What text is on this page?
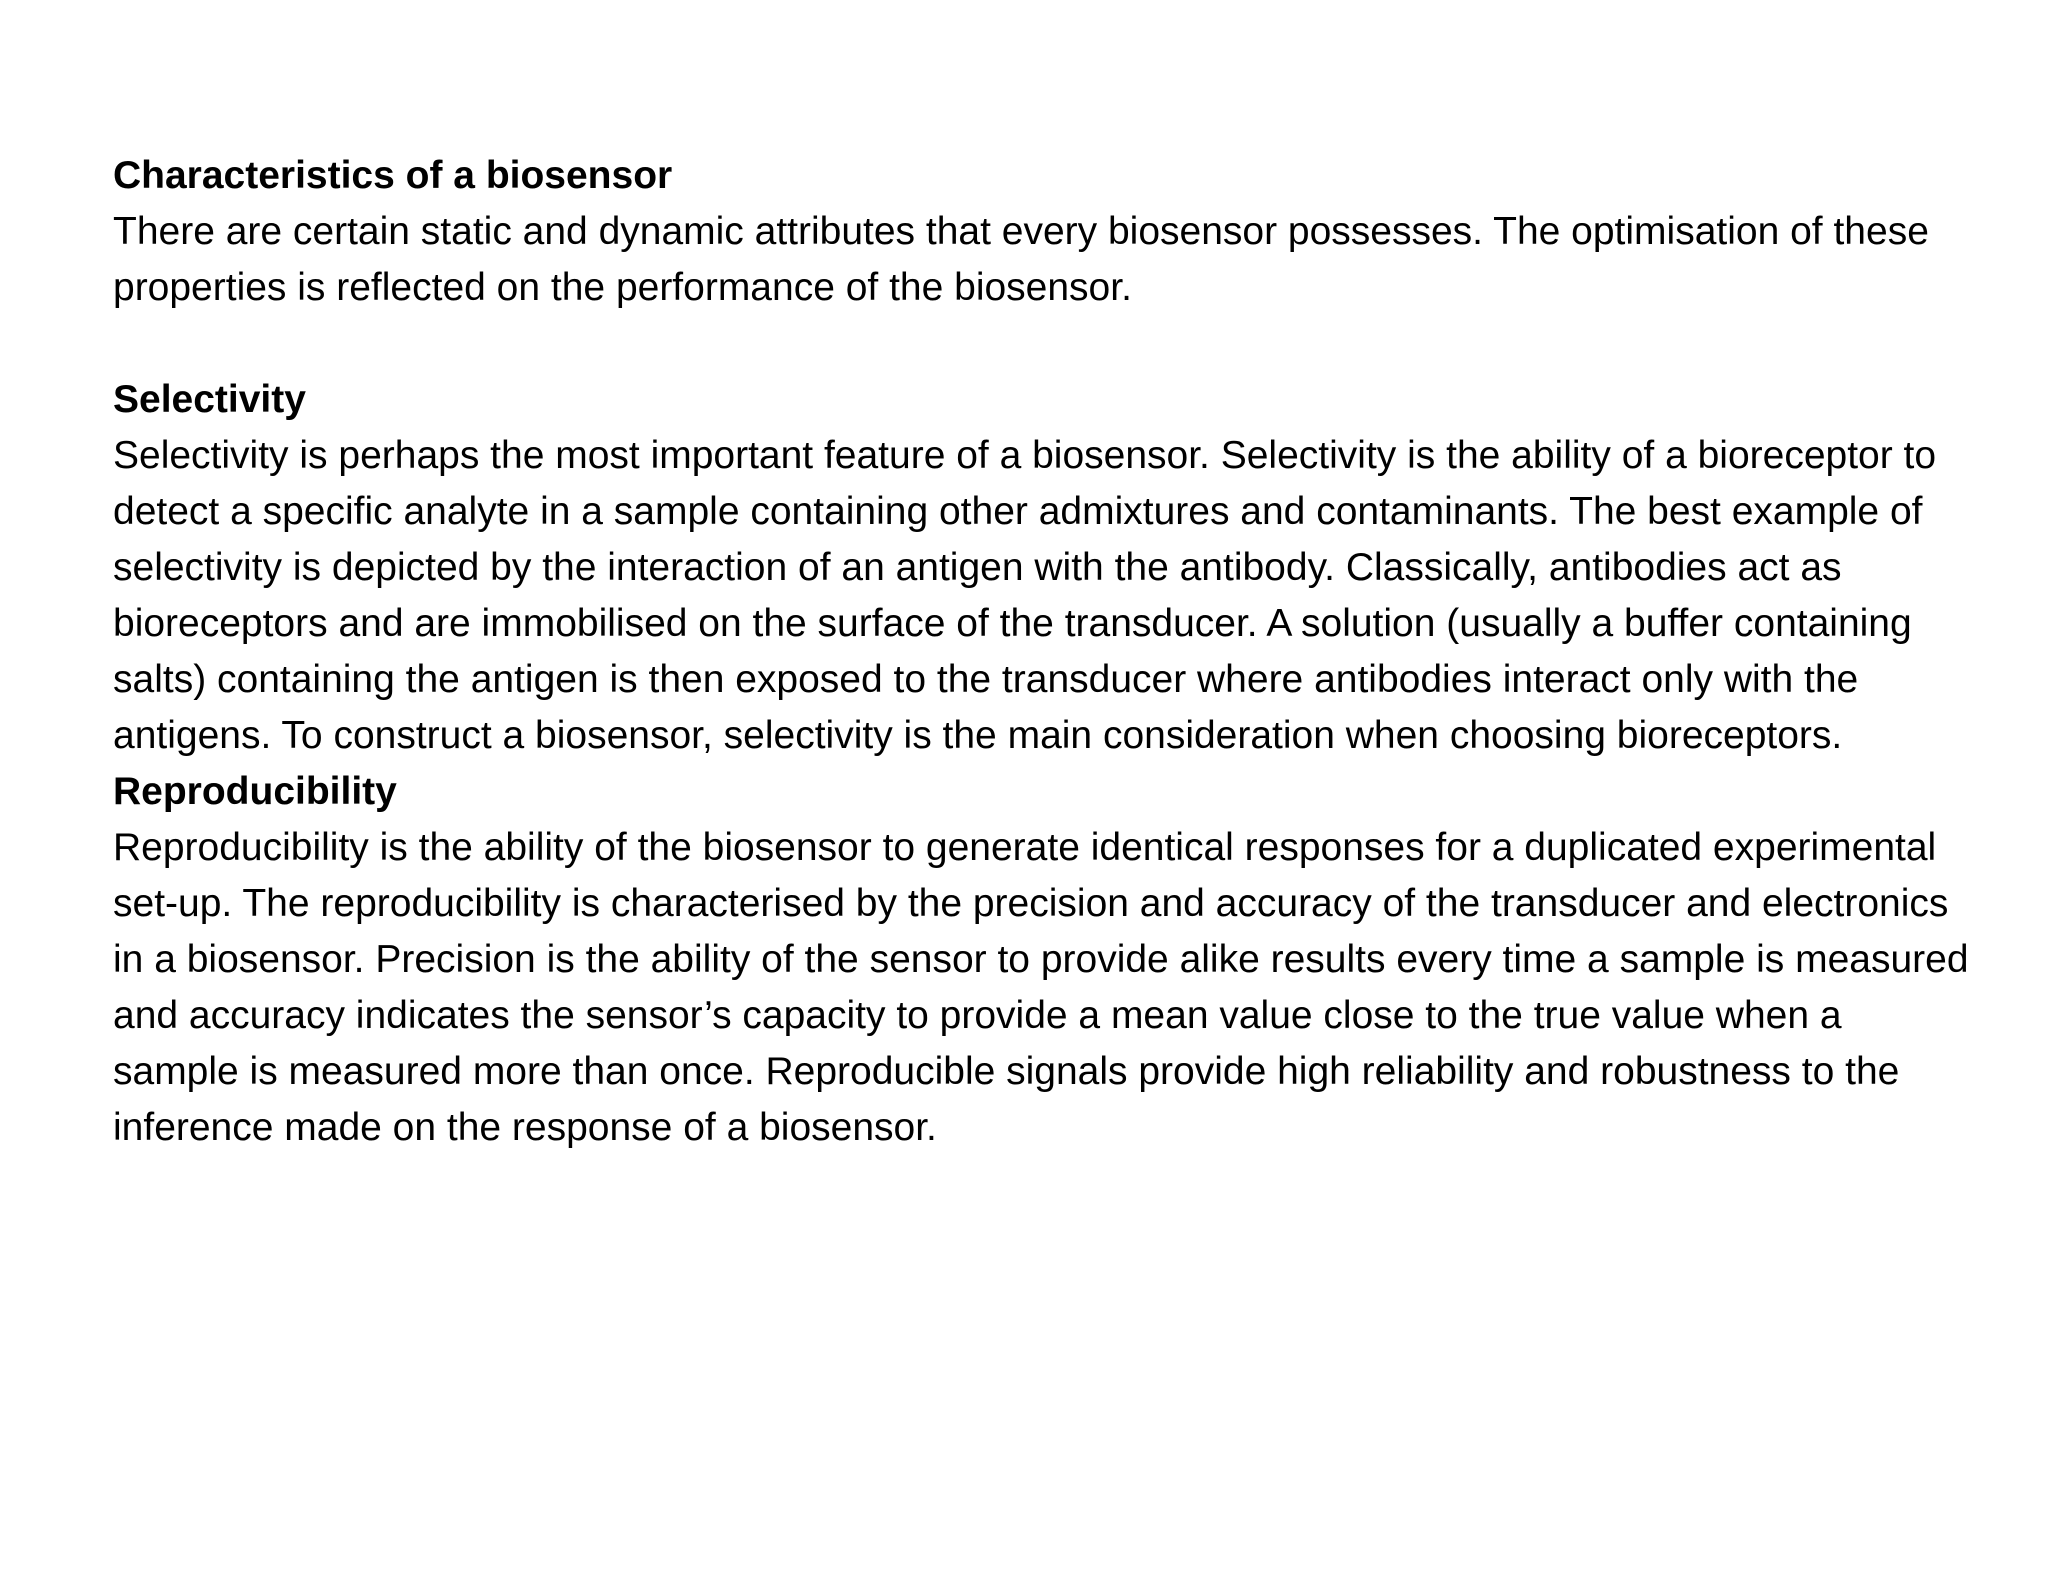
Characteristics of a biosensor

There are certain static and dynamic attributes that every biosensor possesses. The optimisation of these properties is reflected on the performance of the biosensor.

Selectivity

Selectivity is perhaps the most important feature of a biosensor. Selectivity is the ability of a bioreceptor to detect a specific analyte in a sample containing other admixtures and contaminants. The best example of selectivity is depicted by the interaction of an antigen with the antibody. Classically, antibodies act as bioreceptors and are immobilised on the surface of the transducer. A solution (usually a buffer containing salts) containing the antigen is then exposed to the transducer where antibodies interact only with the antigens. To construct a biosensor, selectivity is the main consideration when choosing bioreceptors.

Reproducibility

Reproducibility is the ability of the biosensor to generate identical responses for a duplicated experimental set-up. The reproducibility is characterised by the precision and accuracy of the transducer and electronics in a biosensor. Precision is the ability of the sensor to provide alike results every time a sample is measured and accuracy indicates the sensor’s capacity to provide a mean value close to the true value when a sample is measured more than once. Reproducible signals provide high reliability and robustness to the inference made on the response of a biosensor.
